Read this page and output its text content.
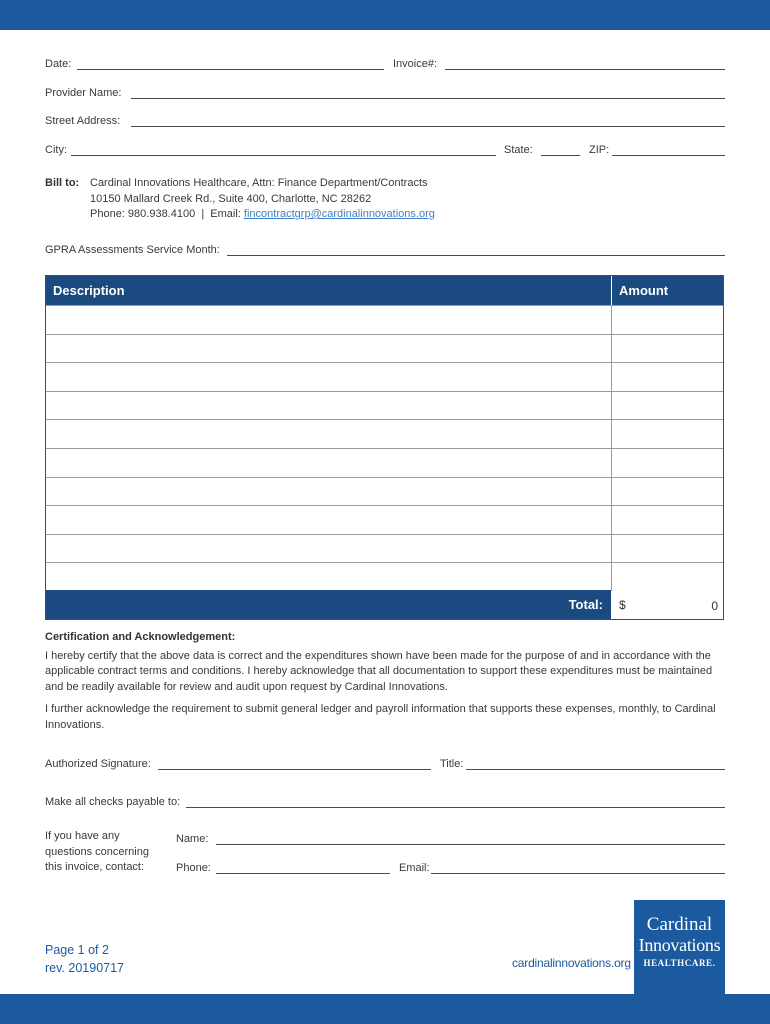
Date:	Invoice#:
Provider Name:
Street Address:
City:	State:	ZIP:
Bill to: Cardinal Innovations Healthcare, Attn: Finance Department/Contracts
10150 Mallard Creek Rd., Suite 400, Charlotte, NC 28262
Phone: 980.938.4100  |  Email: fincontractgrp@cardinalinnovations.org
GPRA Assessments Service Month:
Description	Amount
Total: $	0
Certification and Acknowledgement:

I hereby certify that the above data is correct and the expenditures shown have been made for the purpose of and in accordance with the applicable contract terms and conditions. I hereby acknowledge that all documentation to support these expenditures must be maintained and be readily available for review and audit upon request by Cardinal Innovations.

I further acknowledge the requirement to submit general ledger and payroll information that supports these expenses, monthly, to Cardinal Innovations.

Authorized Signature:	Title:
Make all checks payable to:
If you have any
questions concerning
this invoice, contact:
Name:
Phone:	Email:
Page 1 of 2
rev. 20190717	cardinalinnovations.org
Cardinal
Innovations
HEALTHCARE.
